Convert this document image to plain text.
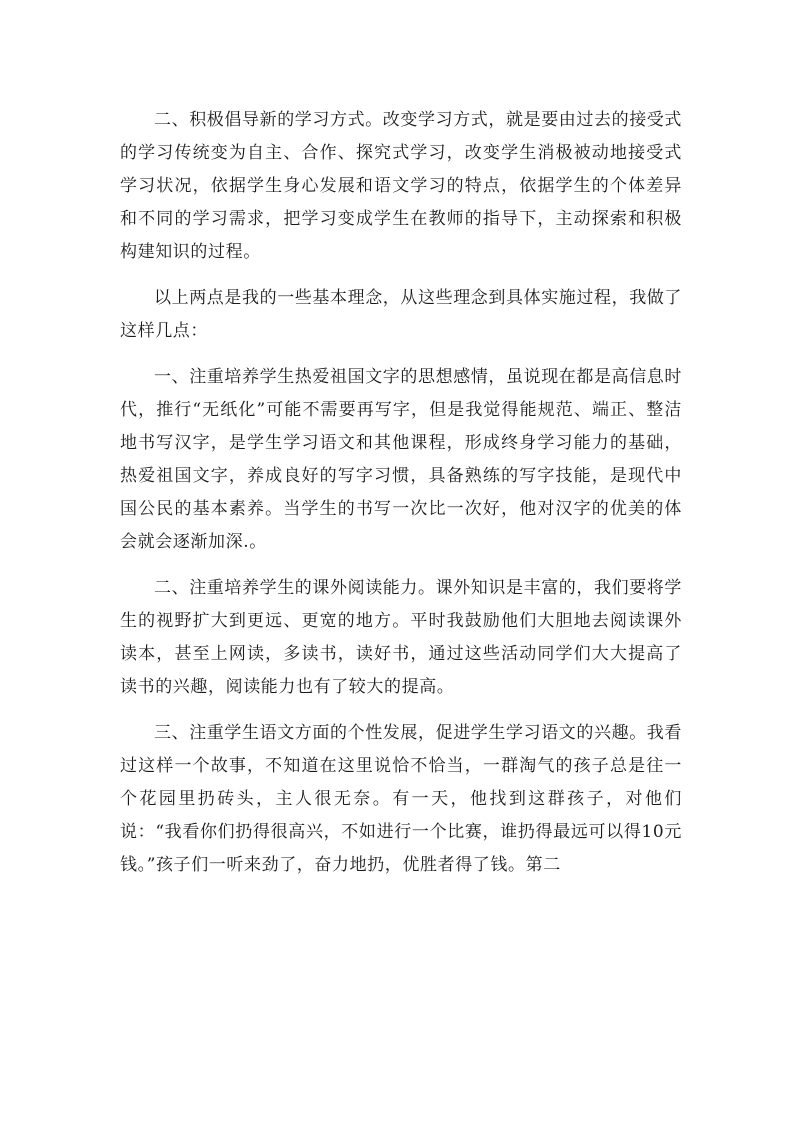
二、积极倡导新的学习方式。改变学习方式，就是要由过去的接受式的学习传统变为自主、合作、探究式学习，改变学生消极被动地接受式学习状况，依据学生身心发展和语文学习的特点，依据学生的个体差异和不同的学习需求，把学习变成学生在教师的指导下，主动探索和积极构建知识的过程。

以上两点是我的一些基本理念，从这些理念到具体实施过程，我做了这样几点：

一、注重培养学生热爱祖国文字的思想感情，虽说现在都是高信息时代，推行“无纸化”可能不需要再写字，但是我觉得能规范、端正、整洁地书写汉字，是学生学习语文和其他课程，形成终身学习能力的基础，热爱祖国文字，养成良好的写字习惯，具备熟练的写字技能，是现代中国公民的基本素养。当学生的书写一次比一次好，他对汉字的优美的体会就会逐渐加深.。

二、注重培养学生的课外阅读能力。课外知识是丰富的，我们要将学生的视野扩大到更远、更宽的地方。平时我鼓励他们大胆地去阅读课外读本，甚至上网读，多读书，读好书，通过这些活动同学们大大提高了读书的兴趣，阅读能力也有了较大的提高。

三、注重学生语文方面的个性发展，促进学生学习语文的兴趣。我看过这样一个故事，不知道在这里说恰不恰当，一群淘气的孩子总是往一个花园里扔砖头，主人很无奈。有一天，他找到这群孩子，对他们说：“我看你们扔得很高兴，不如进行一个比赛，谁扔得最远可以得10元钱。”孩子们一听来劲了，奋力地扔，优胜者得了钱。第二
